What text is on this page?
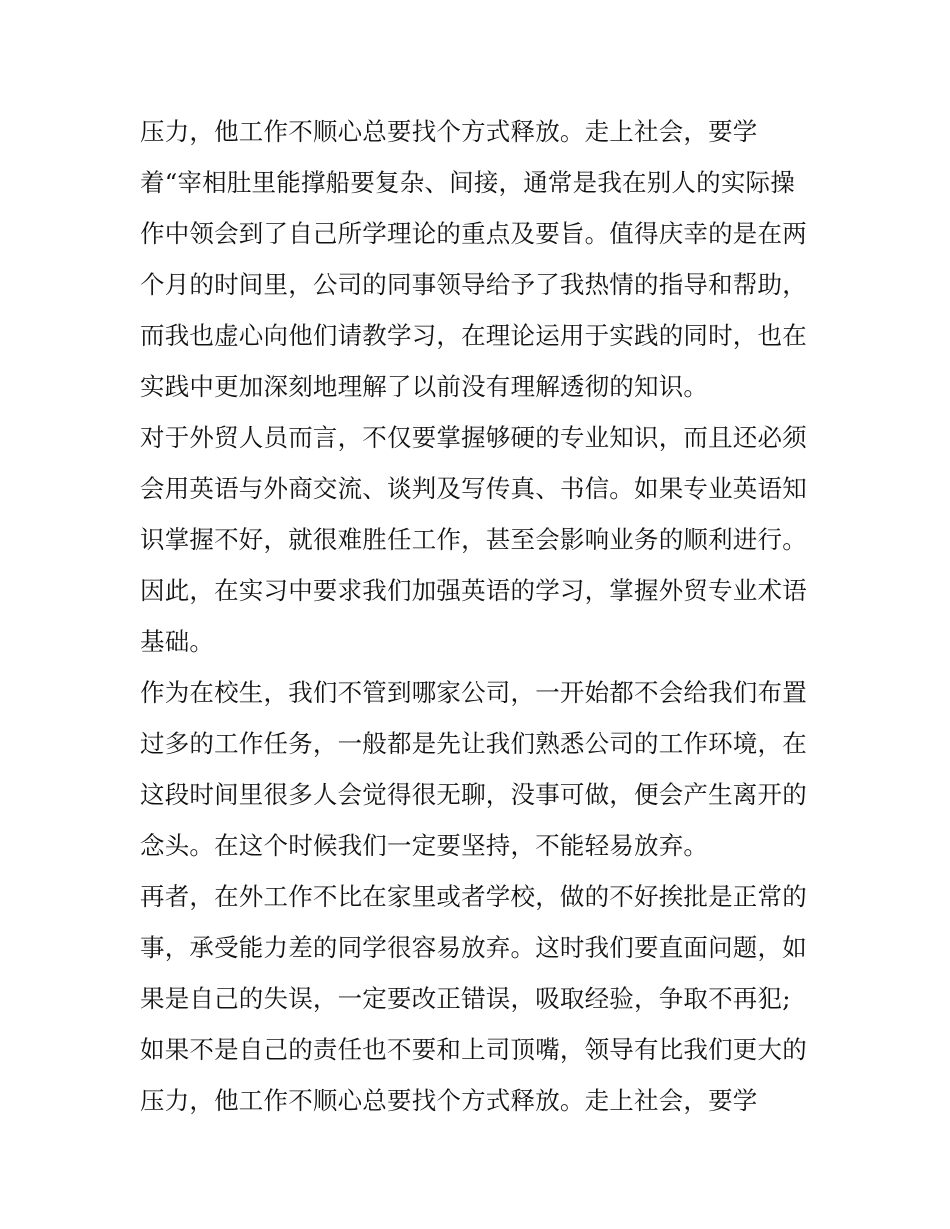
压力，他工作不顺心总要找个方式释放。走上社会，要学
着“宰相肚里能撑船要复杂、间接，通常是我在别人的实际操
作中领会到了自己所学理论的重点及要旨。值得庆幸的是在两
个月的时间里，公司的同事领导给予了我热情的指导和帮助，
而我也虚心向他们请教学习，在理论运用于实践的同时，也在
实践中更加深刻地理解了以前没有理解透彻的知识。
对于外贸人员而言，不仅要掌握够硬的专业知识，而且还必须
会用英语与外商交流、谈判及写传真、书信。如果专业英语知
识掌握不好，就很难胜任工作，甚至会影响业务的顺利进行。
因此，在实习中要求我们加强英语的学习，掌握外贸专业术语
基础。
作为在校生，我们不管到哪家公司，一开始都不会给我们布置
过多的工作任务，一般都是先让我们熟悉公司的工作环境，在
这段时间里很多人会觉得很无聊，没事可做，便会产生离开的
念头。在这个时候我们一定要坚持，不能轻易放弃。
再者，在外工作不比在家里或者学校，做的不好挨批是正常的
事，承受能力差的同学很容易放弃。这时我们要直面问题，如
果是自己的失误，一定要改正错误，吸取经验，争取不再犯;
如果不是自己的责任也不要和上司顶嘴，领导有比我们更大的
压力，他工作不顺心总要找个方式释放。走上社会，要学
